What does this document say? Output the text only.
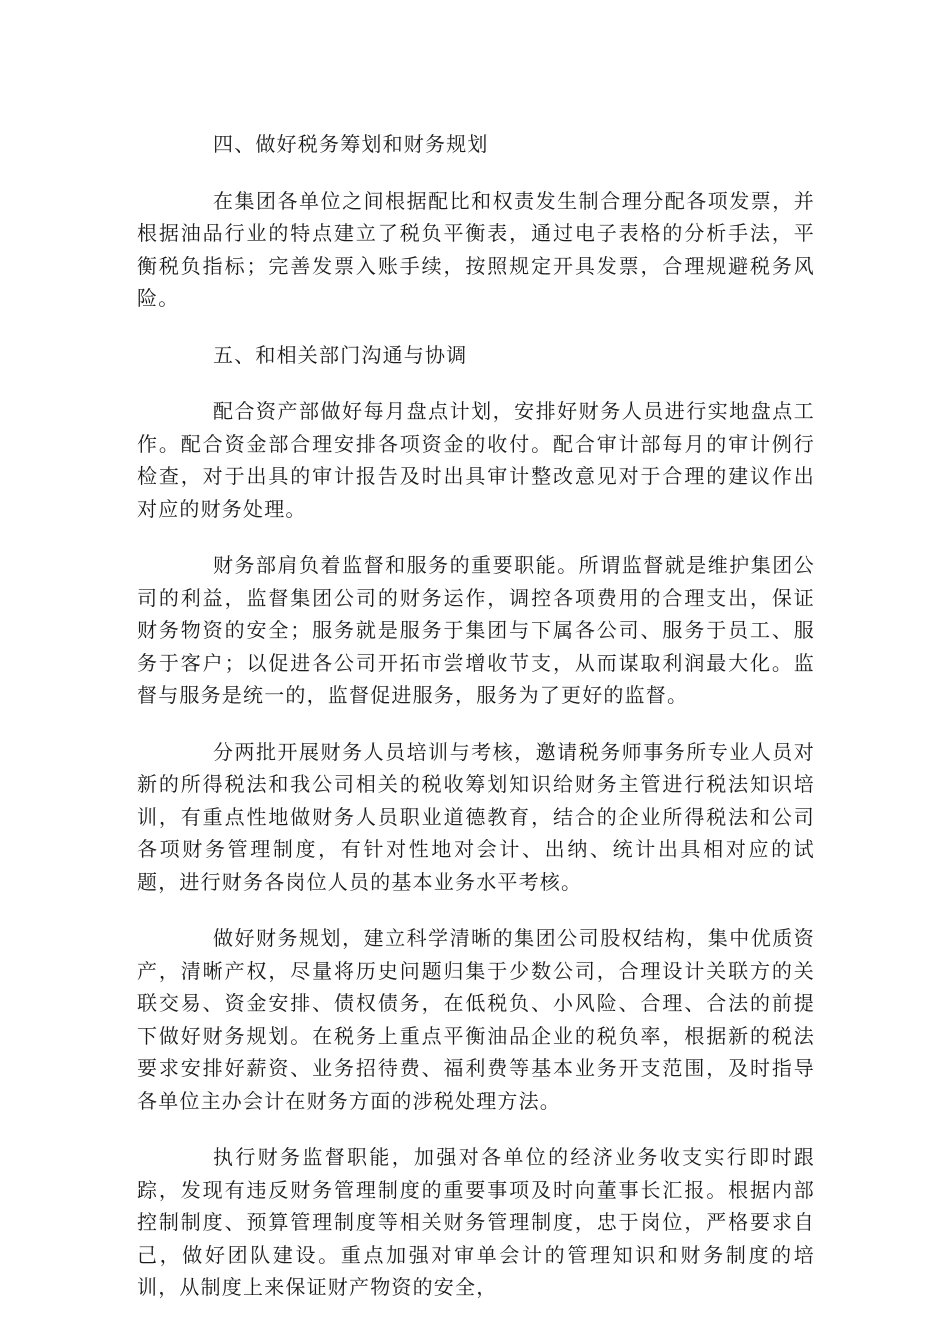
四、做好税务筹划和财务规划

在集团各单位之间根据配比和权责发生制合理分配各项发票，并根据油品行业的特点建立了税负平衡表，通过电子表格的分析手法，平衡税负指标；完善发票入账手续，按照规定开具发票，合理规避税务风险。

五、和相关部门沟通与协调

配合资产部做好每月盘点计划，安排好财务人员进行实地盘点工作。配合资金部合理安排各项资金的收付。配合审计部每月的审计例行检查，对于出具的审计报告及时出具审计整改意见对于合理的建议作出对应的财务处理。

财务部肩负着监督和服务的重要职能。所谓监督就是维护集团公司的利益，监督集团公司的财务运作，调控各项费用的合理支出，保证财务物资的安全；服务就是服务于集团与下属各公司、服务于员工、服务于客户；以促进各公司开拓市尝增收节支，从而谋取利润最大化。监督与服务是统一的，监督促进服务，服务为了更好的监督。

分两批开展财务人员培训与考核，邀请税务师事务所专业人员对新的所得税法和我公司相关的税收筹划知识给财务主管进行税法知识培训，有重点性地做财务人员职业道德教育，结合的企业所得税法和公司各项财务管理制度，有针对性地对会计、出纳、统计出具相对应的试题，进行财务各岗位人员的基本业务水平考核。

做好财务规划，建立科学清晰的集团公司股权结构，集中优质资产，清晰产权，尽量将历史问题归集于少数公司，合理设计关联方的关联交易、资金安排、债权债务，在低税负、小风险、合理、合法的前提下做好财务规划。在税务上重点平衡油品企业的税负率，根据新的税法要求安排好薪资、业务招待费、福利费等基本业务开支范围，及时指导各单位主办会计在财务方面的涉税处理方法。

执行财务监督职能，加强对各单位的经济业务收支实行即时跟踪，发现有违反财务管理制度的重要事项及时向董事长汇报。根据内部控制制度、预算管理制度等相关财务管理制度，忠于岗位，严格要求自己，做好团队建设。重点加强对审单会计的管理知识和财务制度的培训，从制度上来保证财产物资的安全，
